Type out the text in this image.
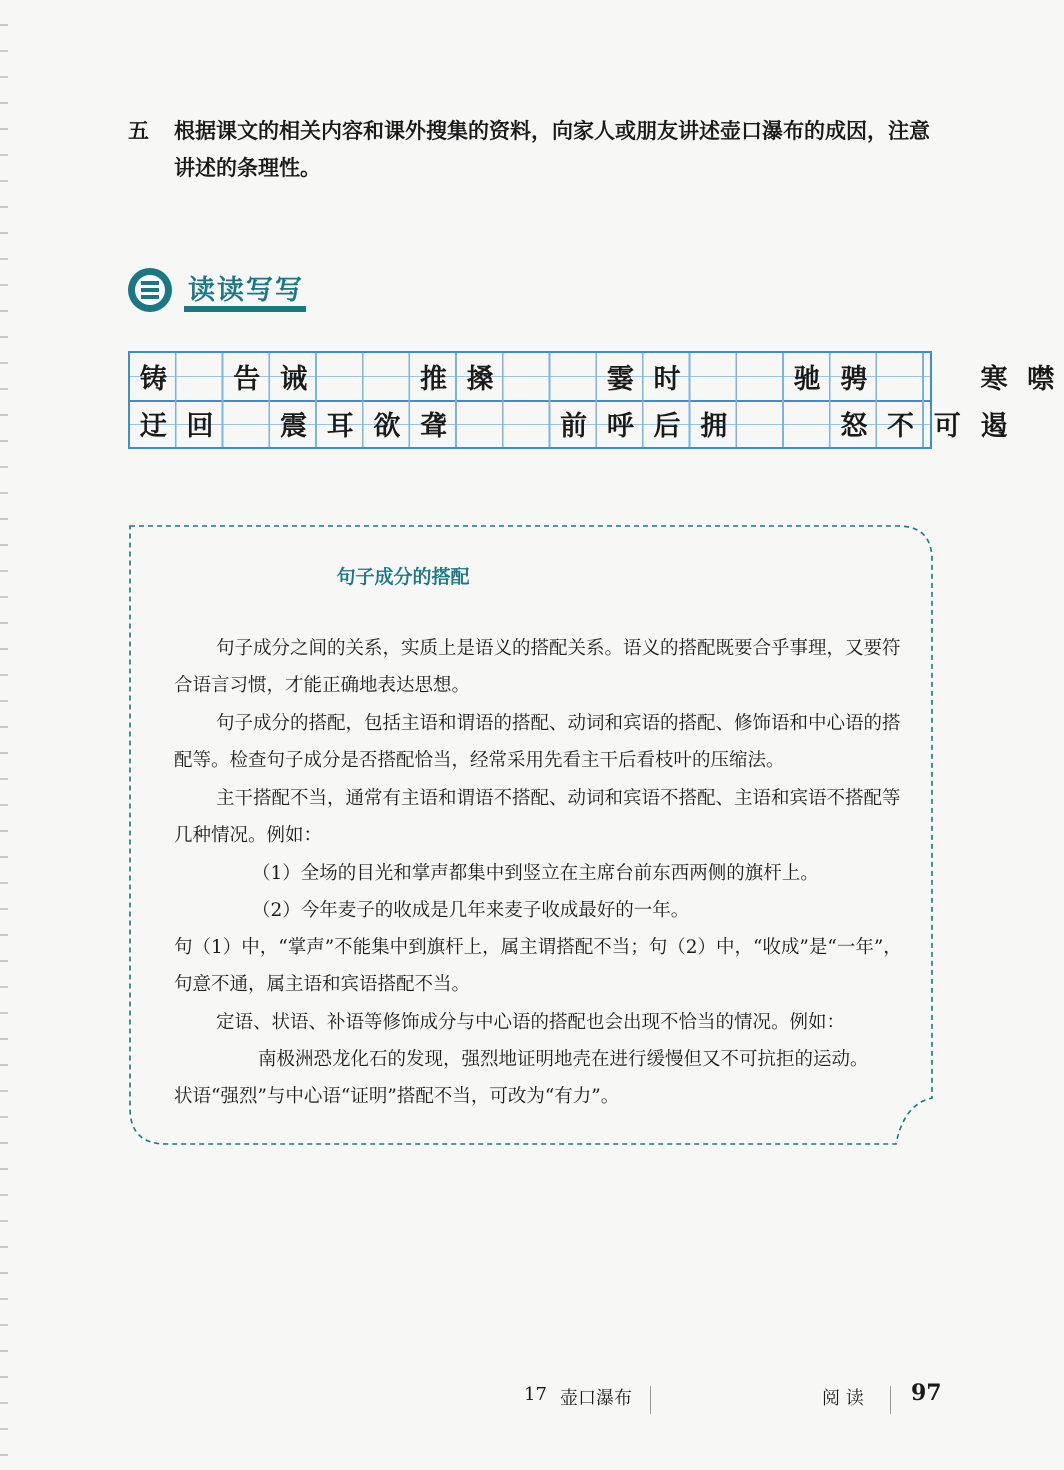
五 根据课文的相关内容和课外搜集的资料，向家人或朋友讲述壶口瀑布的成因，注意讲述的条理性。
读读写写
铸	告 诫	推 搡	霎 时	驰 骋	寒 噤
迂 回	震 耳 欲 聋	前 呼 后 拥	怒 不 可 遏
句子成分的搭配
句子成分之间的关系，实质上是语义的搭配关系。语义的搭配既要合乎事理，又要符合语言习惯，才能正确地表达思想。
句子成分的搭配，包括主语和谓语的搭配、动词和宾语的搭配、修饰语和中心语的搭配等。检查句子成分是否搭配恰当，经常采用先看主干后看枝叶的压缩法。
主干搭配不当，通常有主语和谓语不搭配、动词和宾语不搭配、主语和宾语不搭配等几种情况。例如：
（1）全场的目光和掌声都集中到竖立在主席台前东西两侧的旗杆上。
（2）今年麦子的收成是几年来麦子收成最好的一年。
句（1）中，“掌声”不能集中到旗杆上，属主谓搭配不当；句（2）中，“收成”是“一年”，句意不通，属主语和宾语搭配不当。
定语、状语、补语等修饰成分与中心语的搭配也会出现不恰当的情况。例如：
南极洲恐龙化石的发现，强烈地证明地壳在进行缓慢但又不可抗拒的运动。
状语“强烈”与中心语“证明”搭配不当，可改为“有力”。
17 壶口瀑布	阅 读 97
